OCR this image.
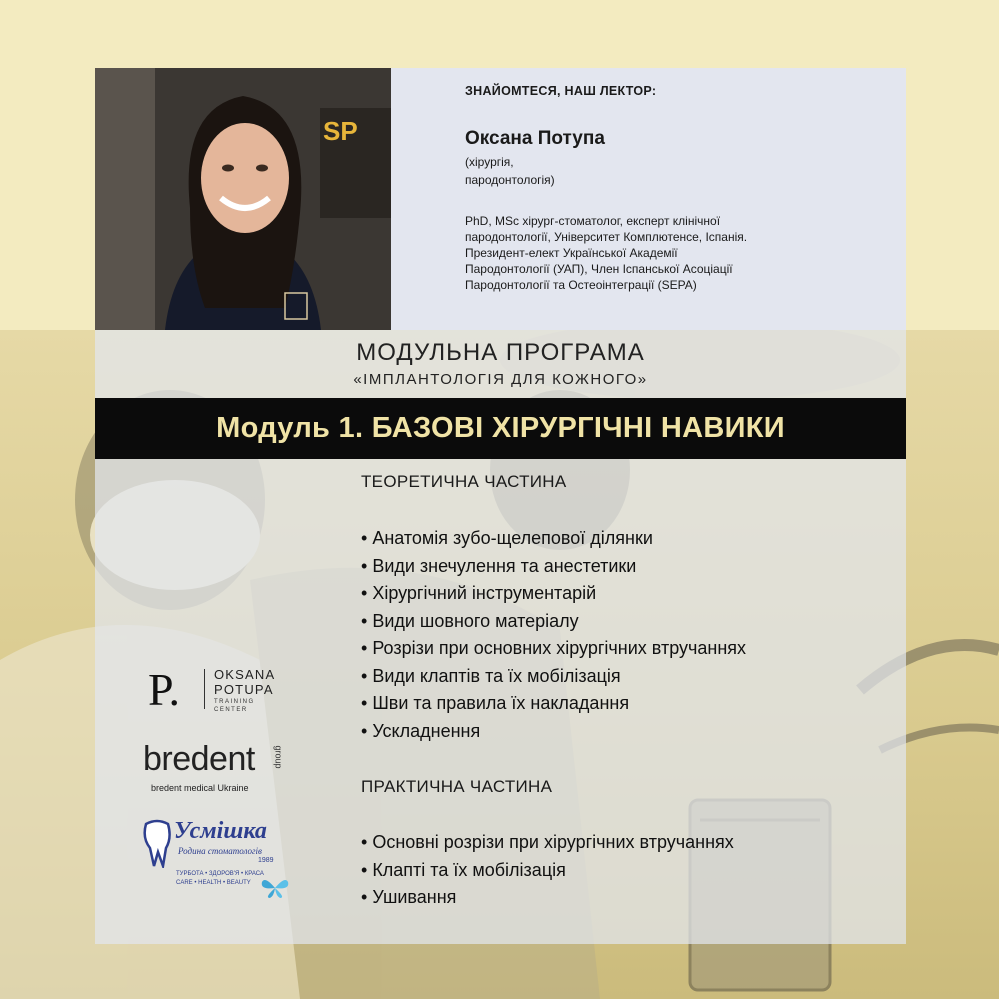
SP
ЗНАЙОМТЕСЯ, НАШ ЛЕКТОР:
Оксана Потупа
(хірургія,
пародонтологія)
PhD, MSc хірург-стоматолог, експерт клінічної
пародонтології, Університет Комплютенсе, Іспанія.
Президент-елект Української Академії
Пародонтології (УАП), Член Іспанської Асоціації
Пародонтології та Остеоінтеграції (SEPA)
МОДУЛЬНА ПРОГРАМА
«ІМПЛАНТОЛОГІЯ ДЛЯ КОЖНОГО»
Модуль 1. БАЗОВІ ХІРУРГІЧНІ НАВИКИ
ТЕОРЕТИЧНА ЧАСТИНА
• Анатомія зубо-щелепової ділянки
• Види знечулення та анестетики
• Хірургічний інструментарій
• Види шовного матеріалу
• Розрізи при основних хірургічних втручаннях
• Види клаптів та їх мобілізація
• Шви та правила їх накладання
• Ускладнення
ПРАКТИЧНА ЧАСТИНА
• Основні розрізи при хірургічних втручаннях
• Клапті та їх мобілізація
• Ушивання
P.	OKSANA
POTUPA
TRAINING
CENTER
bredent group
bredent medical Ukraine
Усмішка
Родина стоматологів
1989
ТУРБОТА • ЗДОРОВ'Я • КРАСА
CARE • HEALTH • BEAUTY
